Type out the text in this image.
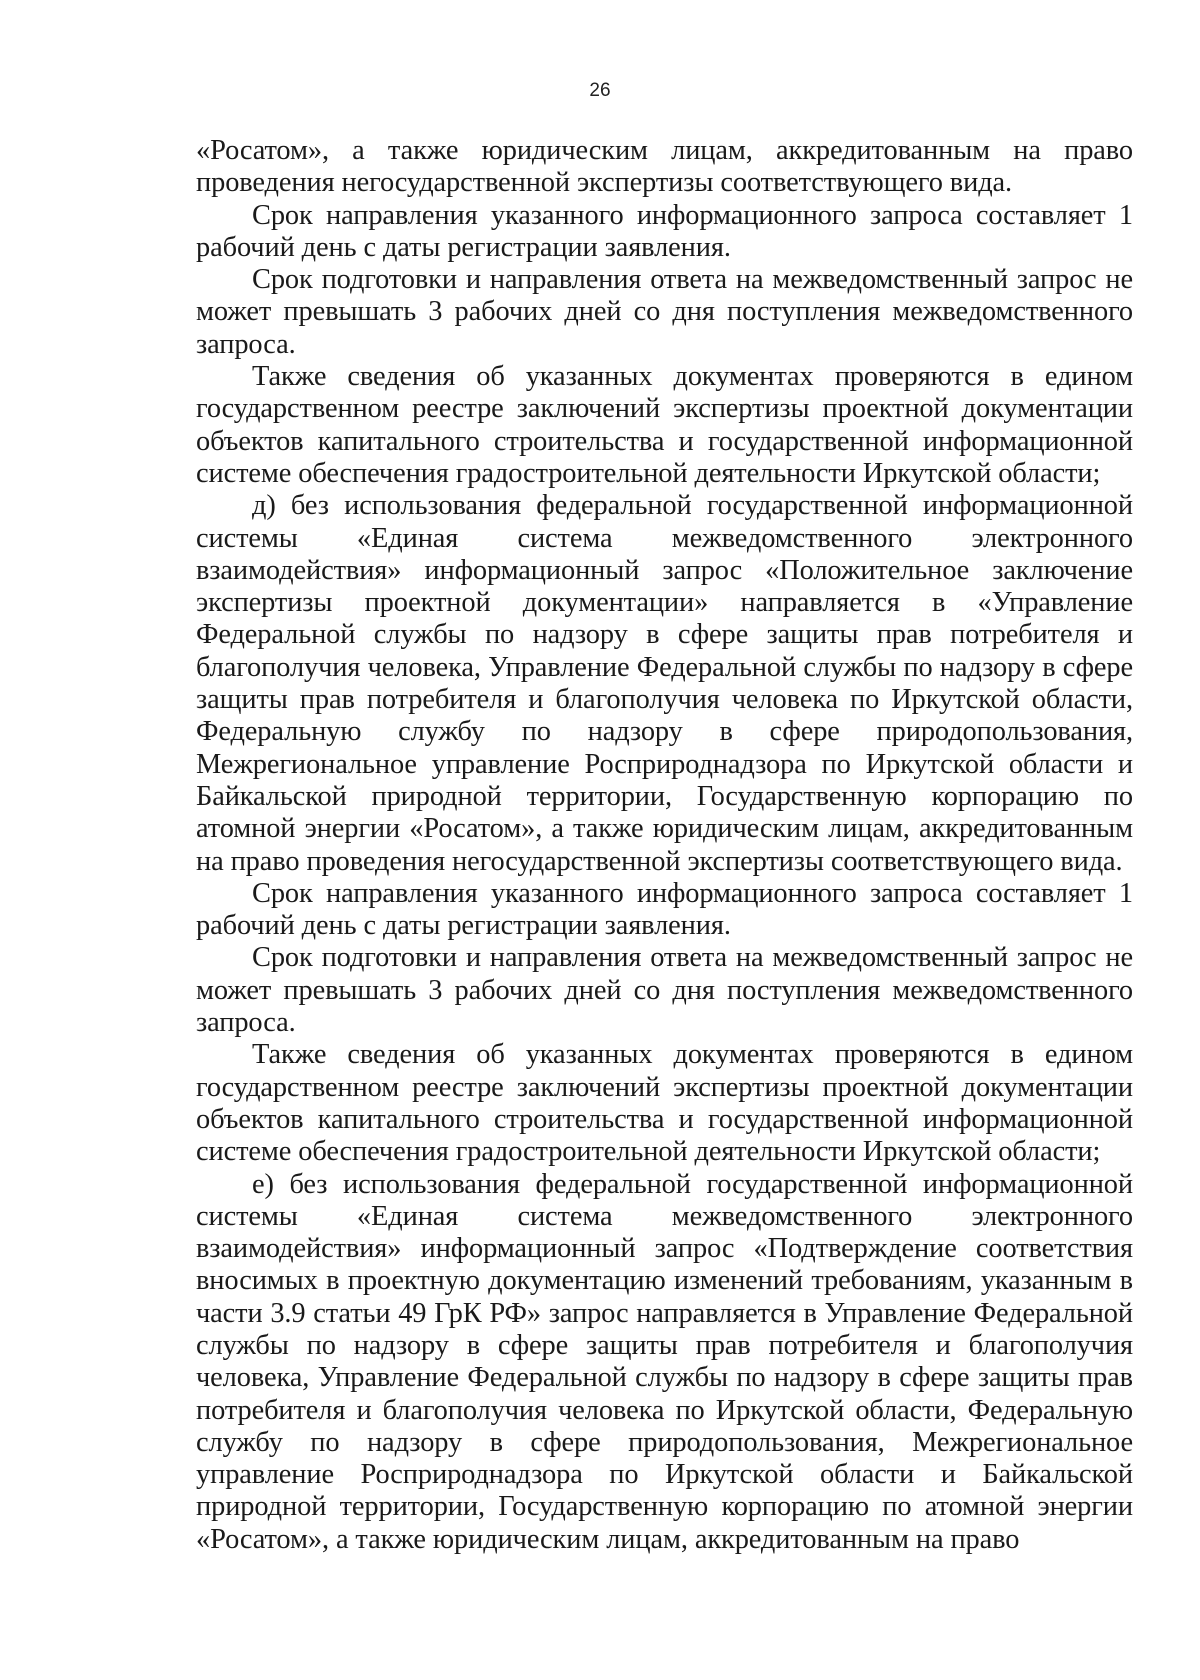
26

«Росатом», а также юридическим лицам, аккредитованным на право проведения негосударственной экспертизы соответствующего вида.

Срок направления указанного информационного запроса составляет 1 рабочий день с даты регистрации заявления.

Срок подготовки и направления ответа на межведомственный запрос не может превышать 3 рабочих дней со дня поступления межведомственного запроса.

Также сведения об указанных документах проверяются в едином государственном реестре заключений экспертизы проектной документации объектов капитального строительства и государственной информационной системе обеспечения градостроительной деятельности Иркутской области;

д) без использования федеральной государственной информационной системы «Единая система межведомственного электронного взаимодействия» информационный запрос «Положительное заключение экспертизы проектной документации» направляется в «Управление Федеральной службы по надзору в сфере защиты прав потребителя и благополучия человека, Управление Федеральной службы по надзору в сфере защиты прав потребителя и благополучия человека по Иркутской области, Федеральную службу по надзору в сфере природопользования, Межрегиональное управление Росприроднадзора по Иркутской области и Байкальской природной территории, Государственную корпорацию по атомной энергии «Росатом», а также юридическим лицам, аккредитованным на право проведения негосударственной экспертизы соответствующего вида.

Срок направления указанного информационного запроса составляет 1 рабочий день с даты регистрации заявления.

Срок подготовки и направления ответа на межведомственный запрос не может превышать 3 рабочих дней со дня поступления межведомственного запроса.

Также сведения об указанных документах проверяются в едином государственном реестре заключений экспертизы проектной документации объектов капитального строительства и государственной информационной системе обеспечения градостроительной деятельности Иркутской области;

е) без использования федеральной государственной информационной системы «Единая система межведомственного электронного взаимодействия» информационный запрос «Подтверждение соответствия вносимых в проектную документацию изменений требованиям, указанным в части 3.9 статьи 49 ГрК РФ» запрос направляется в Управление Федеральной службы по надзору в сфере защиты прав потребителя и благополучия человека, Управление Федеральной службы по надзору в сфере защиты прав потребителя и благополучия человека по Иркутской области, Федеральную службу по надзору в сфере природопользования, Межрегиональное управление Росприроднадзора по Иркутской области и Байкальской природной территории, Государственную корпорацию по атомной энергии «Росатом», а также юридическим лицам, аккредитованным на право
